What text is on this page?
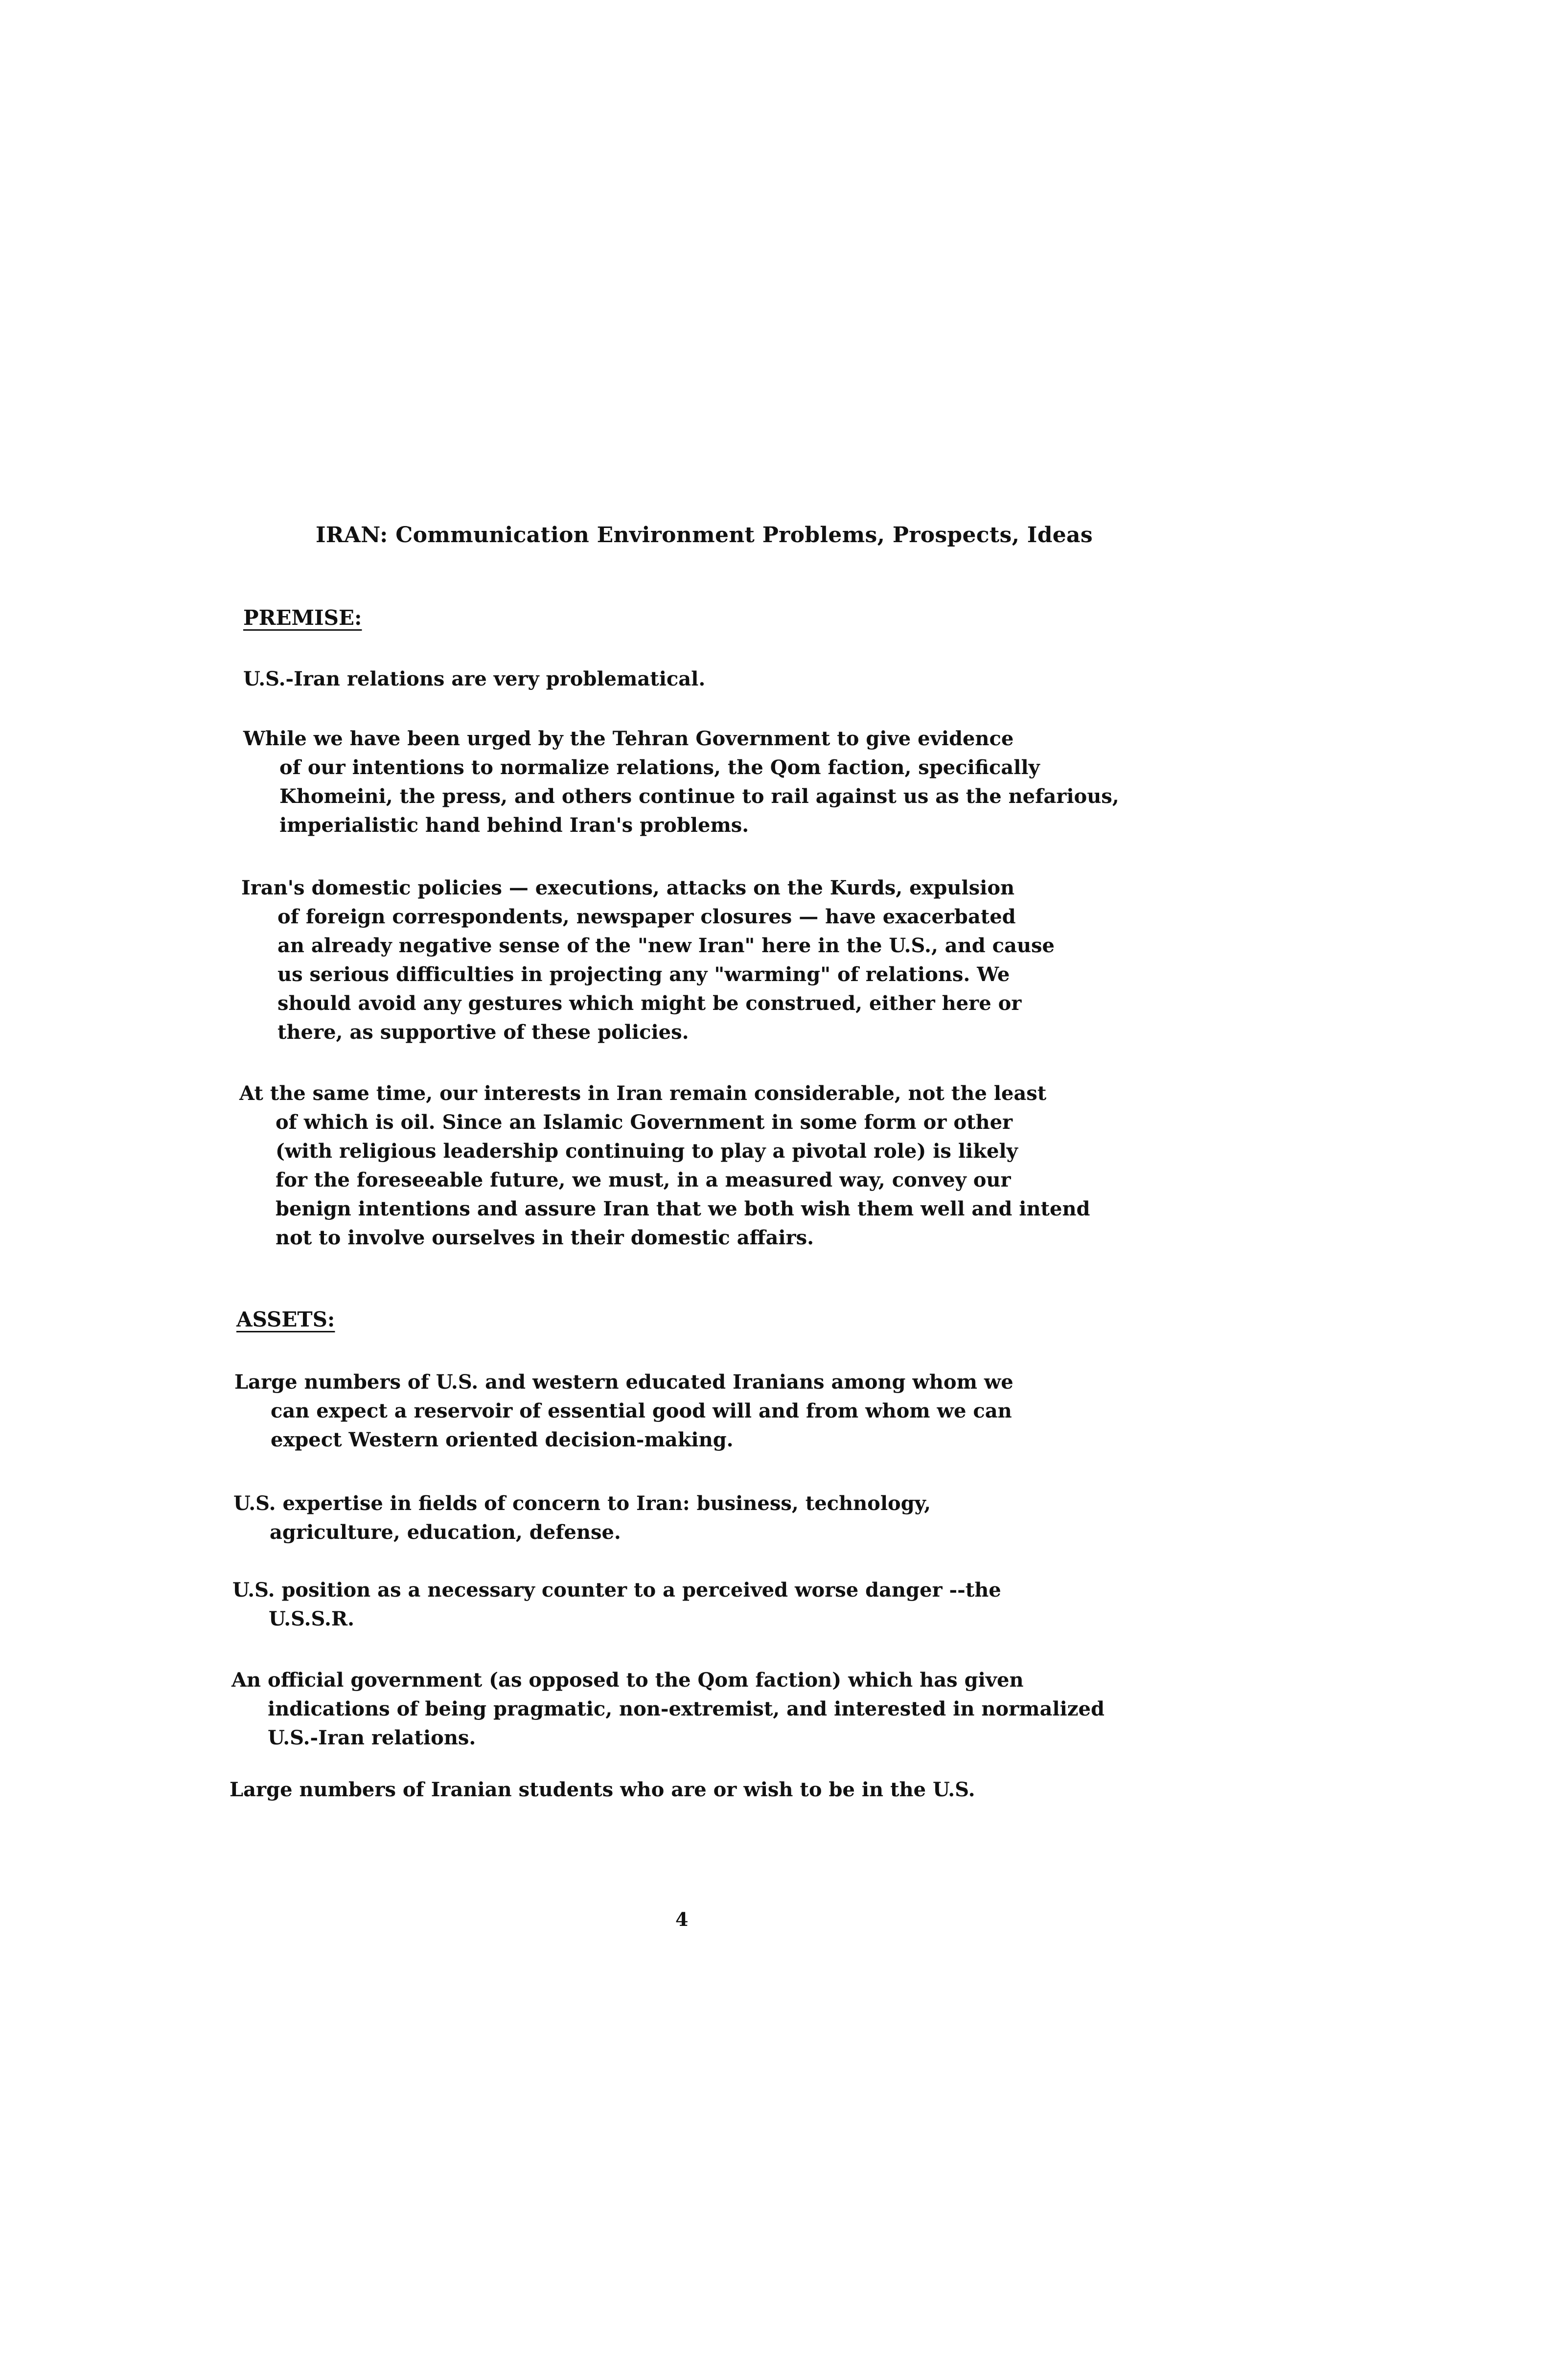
IRAN: Communication Environment Problems, Prospects, Ideas
PREMISE:
U.S.-Iran relations are very problematical.
While we have been urged by the Tehran Government to give evidence
of our intentions to normalize relations, the Qom faction, specifically
Khomeini, the press, and others continue to rail against us as the nefarious,
imperialistic hand behind Iran's problems.
Iran's domestic policies — executions, attacks on the Kurds, expulsion
of foreign correspondents, newspaper closures — have exacerbated
an already negative sense of the "new Iran" here in the U.S., and cause
us serious difficulties in projecting any "warming" of relations. We
should avoid any gestures which might be construed, either here or
there, as supportive of these policies.
At the same time, our interests in Iran remain considerable, not the least
of which is oil. Since an Islamic Government in some form or other
(with religious leadership continuing to play a pivotal role) is likely
for the foreseeable future, we must, in a measured way, convey our
benign intentions and assure Iran that we both wish them well and intend
not to involve ourselves in their domestic affairs.
ASSETS:
Large numbers of U.S. and western educated Iranians among whom we
can expect a reservoir of essential good will and from whom we can
expect Western oriented decision-making.
U.S. expertise in fields of concern to Iran: business, technology,
agriculture, education, defense.
U.S. position as a necessary counter to a perceived worse danger --the
U.S.S.R.
An official government (as opposed to the Qom faction) which has given
indications of being pragmatic, non-extremist, and interested in normalized
U.S.-Iran relations.
Large numbers of Iranian students who are or wish to be in the U.S.
4
